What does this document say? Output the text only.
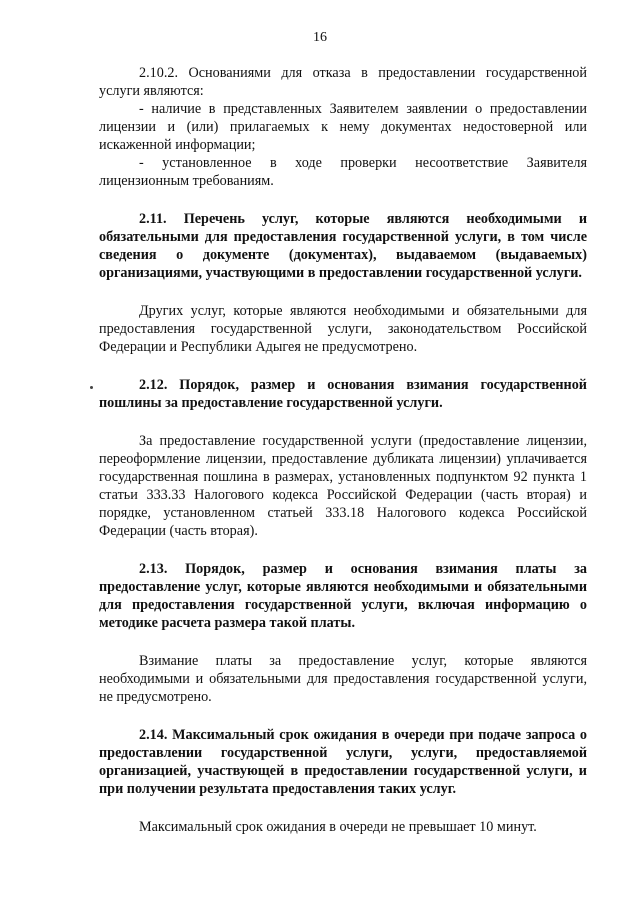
16

2.10.2. Основаниями для отказа в предоставлении государственной услуги являются:

- наличие в представленных Заявителем заявлении о предоставлении лицензии и (или) прилагаемых к нему документах недостоверной или искаженной информации;

- установленное в ходе проверки несоответствие Заявителя лицензионным требованиям.

2.11. Перечень услуг, которые являются необходимыми и обязательными для предоставления государственной услуги, в том числе сведения о документе (документах), выдаваемом (выдаваемых) организациями, участвующими в предоставлении государственной услуги.

Других услуг, которые являются необходимыми и обязательными для предоставления государственной услуги, законодательством Российской Федерации и Республики Адыгея не предусмотрено.

2.12. Порядок, размер и основания взимания государственной пошлины за предоставление государственной услуги.

За предоставление государственной услуги (предоставление лицензии, переоформление лицензии, предоставление дубликата лицензии) уплачивается государственная пошлина в размерах, установленных подпунктом 92 пункта 1 статьи 333.33 Налогового кодекса Российской Федерации (часть вторая) и порядке, установленном статьей 333.18 Налогового кодекса Российской Федерации (часть вторая).

2.13. Порядок, размер и основания взимания платы за предоставление услуг, которые являются необходимыми и обязательными для предоставления государственной услуги, включая информацию о методике расчета размера такой платы.

Взимание платы за предоставление услуг, которые являются необходимыми и обязательными для предоставления государственной услуги, не предусмотрено.

2.14. Максимальный срок ожидания в очереди при подаче запроса о предоставлении государственной услуги, услуги, предоставляемой организацией, участвующей в предоставлении государственной услуги, и при получении результата предоставления таких услуг.

Максимальный срок ожидания в очереди не превышает 10 минут.
